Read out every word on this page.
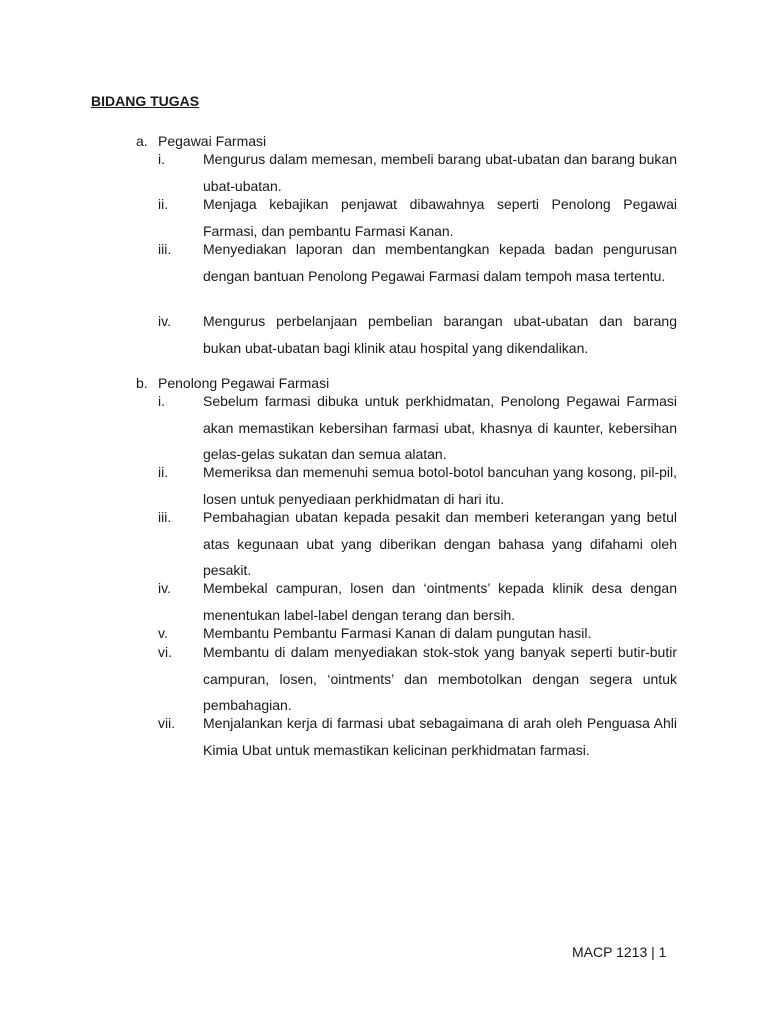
BIDANG TUGAS
a. Pegawai Farmasi
i.	Mengurus dalam memesan, membeli barang ubat-ubatan dan barang bukan ubat-ubatan.
ii. Menjaga kebajikan penjawat dibawahnya seperti Penolong Pegawai Farmasi, dan pembantu Farmasi Kanan.
iii. Menyediakan laporan dan membentangkan kepada badan pengurusan dengan bantuan Penolong Pegawai Farmasi dalam tempoh masa tertentu.
iv. Mengurus perbelanjaan pembelian barangan ubat-ubatan dan barang bukan ubat-ubatan bagi klinik atau hospital yang dikendalikan.
b. Penolong Pegawai Farmasi
i.	Sebelum farmasi dibuka untuk perkhidmatan, Penolong Pegawai Farmasi akan memastikan kebersihan farmasi ubat, khasnya di kaunter, kebersihan gelas-gelas sukatan dan semua alatan.
ii. Memeriksa dan memenuhi semua botol-botol bancuhan yang kosong, pil-pil, losen untuk penyediaan perkhidmatan di hari itu.
iii. Pembahagian ubatan kepada pesakit dan memberi keterangan yang betul atas kegunaan ubat yang diberikan dengan bahasa yang difahami oleh pesakit.
iv. Membekal campuran, losen dan ‘ointments’ kepada klinik desa dengan menentukan label-label dengan terang dan bersih.
v.	Membantu Pembantu Farmasi Kanan di dalam pungutan hasil.
vi. Membantu di dalam menyediakan stok-stok yang banyak seperti butir-butir campuran, losen, ‘ointments’ dan membotolkan dengan segera untuk pembahagian.
vii. Menjalankan kerja di farmasi ubat sebagaimana di arah oleh Penguasa Ahli Kimia Ubat untuk memastikan kelicinan perkhidmatan farmasi.
MACP 1213 | 1
